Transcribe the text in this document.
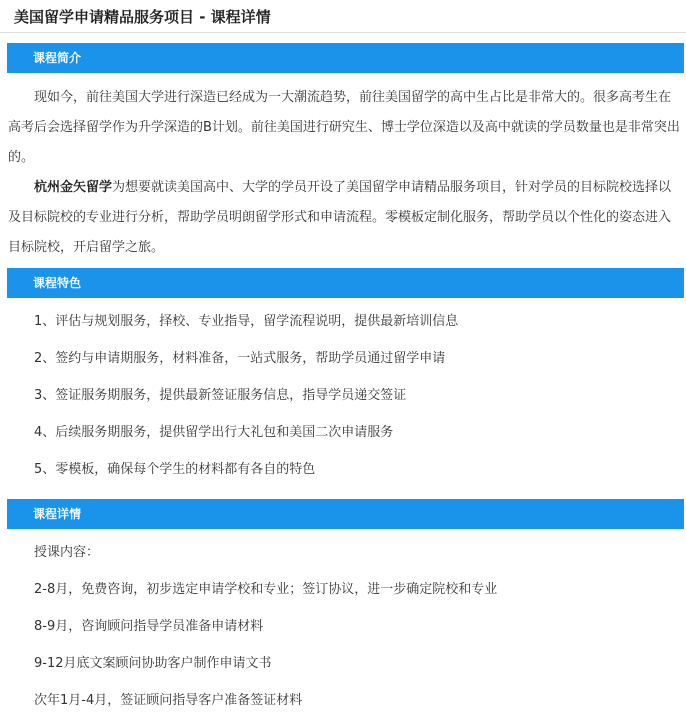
美国留学申请精品服务项目 - 课程详情
课程简介

现如今，前往美国大学进行深造已经成为一大潮流趋势，前往美国留学的高中生占比是非常大的。很多高考生在高考后会选择留学作为升学深造的B计划。前往美国进行研究生、博士学位深造以及高中就读的学员数量也是非常突出的。

杭州金矢留学为想要就读美国高中、大学的学员开设了美国留学申请精品服务项目，针对学员的目标院校选择以及目标院校的专业进行分析，帮助学员明朗留学形式和申请流程。零模板定制化服务，帮助学员以个性化的姿态进入目标院校，开启留学之旅。

课程特色
1、评估与规划服务，择校、专业指导，留学流程说明，提供最新培训信息
2、签约与申请期服务，材料准备，一站式服务，帮助学员通过留学申请
3、签证服务期服务，提供最新签证服务信息，指导学员递交签证
4、后续服务期服务，提供留学出行大礼包和美国二次申请服务
5、零模板，确保每个学生的材料都有各自的特色
课程详情
授课内容：
2-8月，免费咨询，初步选定申请学校和专业；签订协议，进一步确定院校和专业
8-9月，咨询顾问指导学员准备申请材料
9-12月底文案顾问协助客户制作申请文书
次年1月-4月，签证顾问指导客户准备签证材料
